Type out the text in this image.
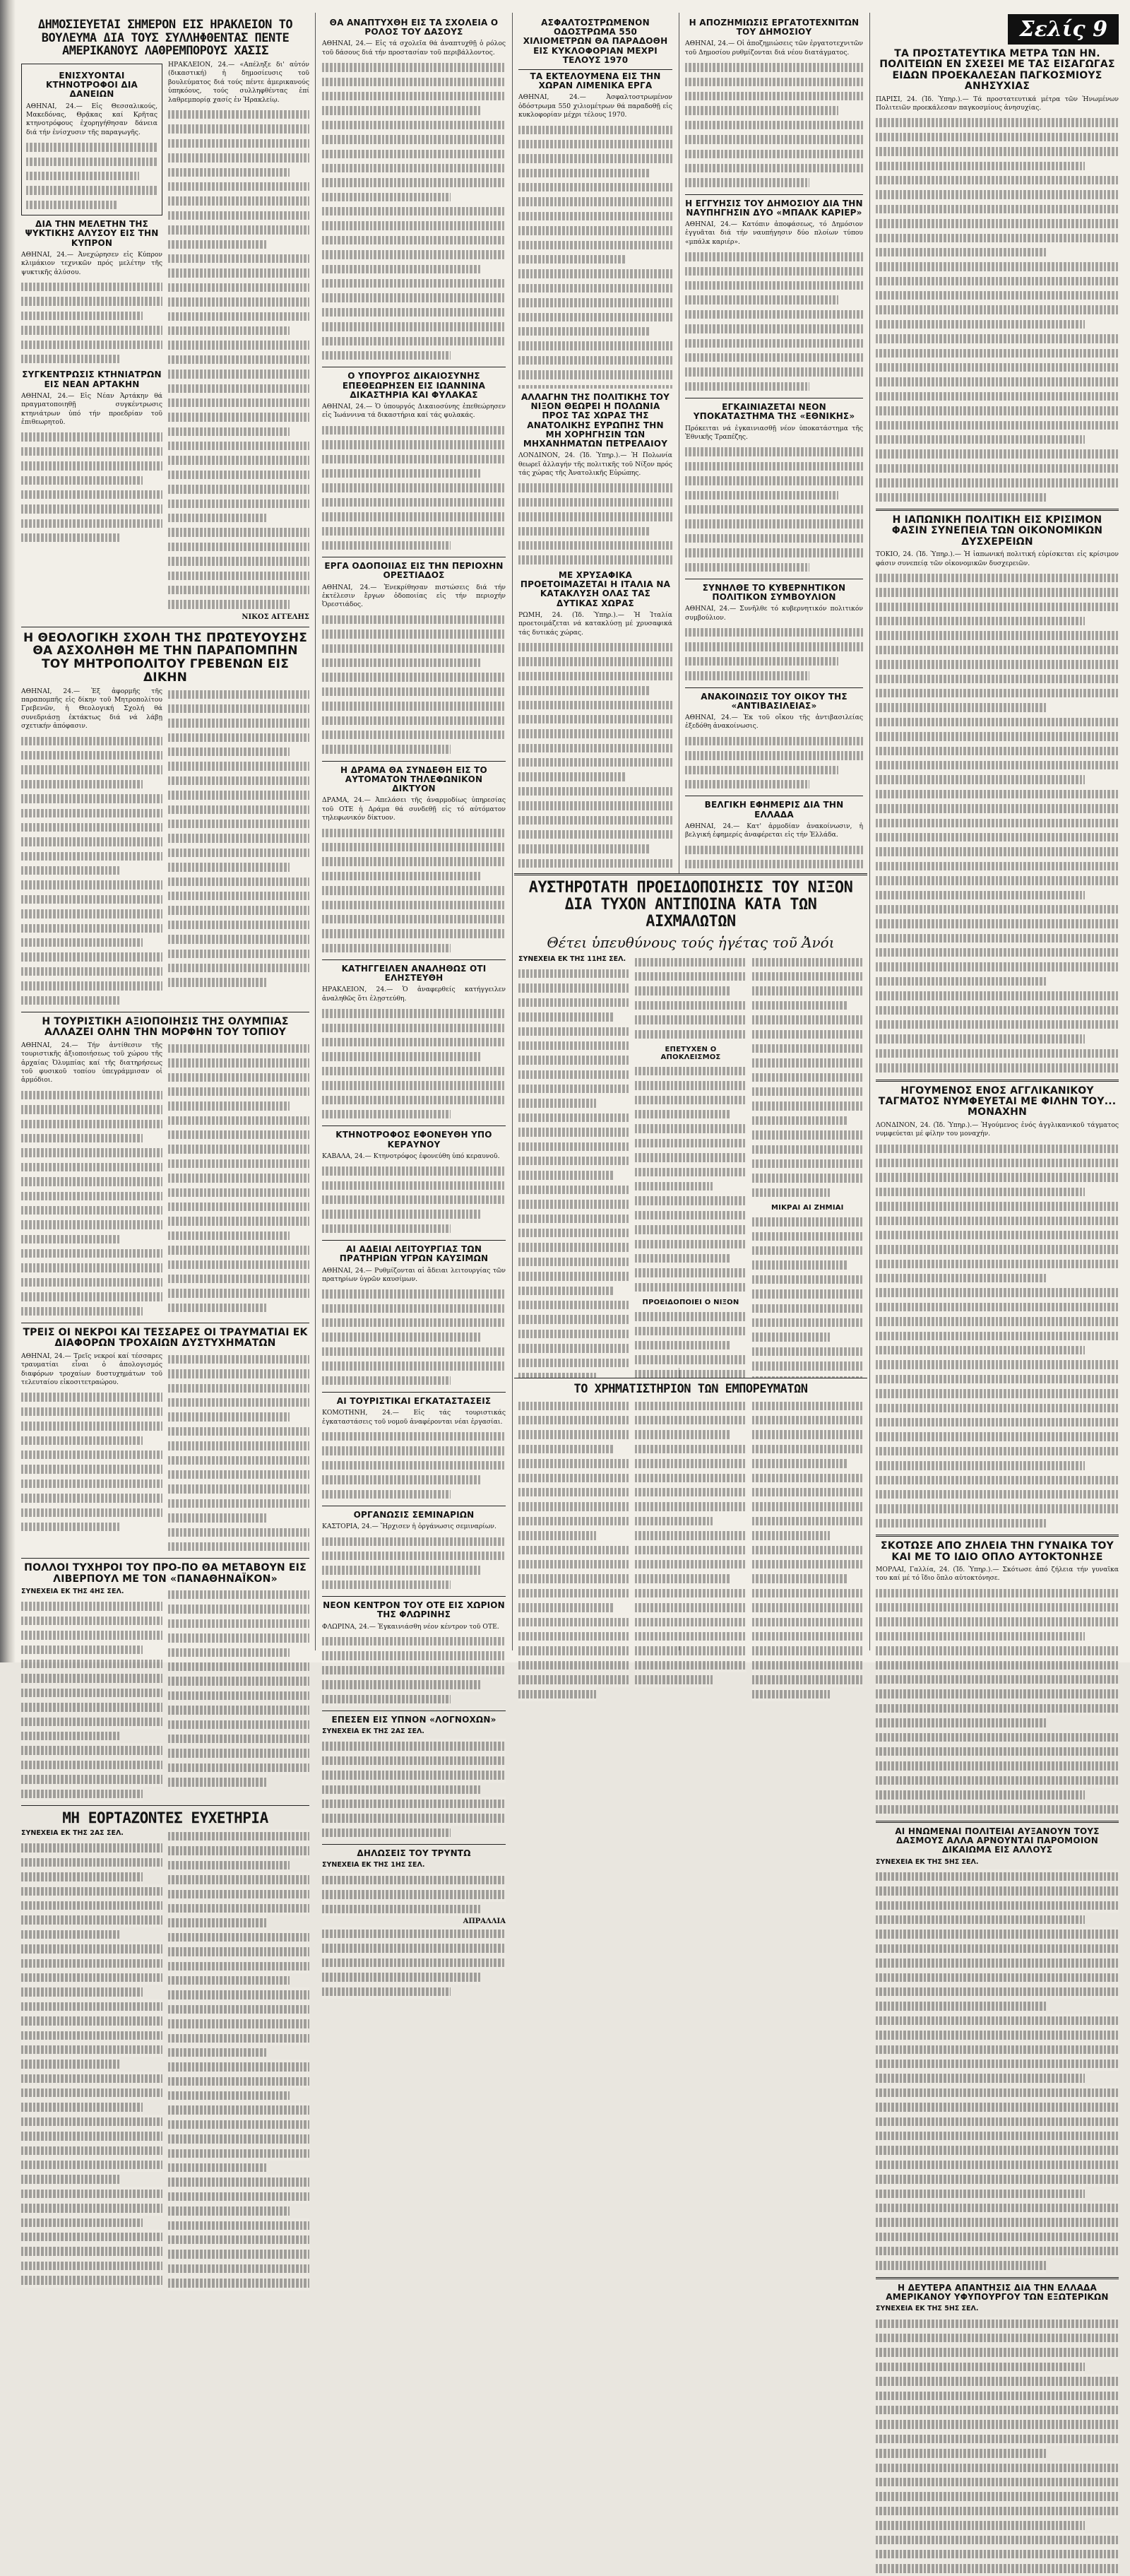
ΔΗΜΟΣΙΕΥΕΤΑΙ ΣΗΜΕΡΟΝ ΕΙΣ ΗΡΑΚΛΕΙΟΝ ΤΟ ΒΟΥΛΕΥΜΑ ΔΙΑ ΤΟΥΣ ΣΥΛΛΗΦΘΕΝΤΑΣ ΠΕΝΤΕ ΑΜΕΡΙΚΑΝΟΥΣ ΛΑΘΡΕΜΠΟΡΟΥΣ ΧΑΣΙΣ
ΕΝΙΣΧΥΟΝΤΑΙ ΚΤΗΝΟΤΡΟΦΟΙ ΔΙΑ ΔΑΝΕΙΩΝ

ΑΘΗΝΑΙ, 24.— Εἰς Θεσσαλικούς, Μακεδόνας, Θρᾷκας καί Κρῆτας κτηνοτρόφους ἐχορηγήθησαν δάνεια διά τήν ἐνίσχυσιν τῆς παραγωγῆς.

ΔΙΑ ΤΗΝ ΜΕΛΕΤΗΝ ΤΗΣ ΨΥΚΤΙΚΗΣ ΑΛΥΣΟΥ ΕΙΣ ΤΗΝ ΚΥΠΡΟΝ

ΑΘΗΝΑΙ, 24.— Ἀνεχώρησεν εἰς Κύπρον κλιμάκιον τεχνικῶν πρός μελέτην τῆς ψυκτικῆς ἀλύσου.

ΣΥΓΚΕΝΤΡΩΣΙΣ ΚΤΗΝΙΑΤΡΩΝ ΕΙΣ ΝΕΑΝ ΑΡΤΑΚΗΝ

ΑΘΗΝΑΙ, 24.— Εἰς Νέαν Ἀρτάκην θά πραγματοποιηθῇ συγκέντρωσις κτηνιάτρων ὑπό τήν προεδρίαν τοῦ ἐπιθεωρητοῦ.

ΗΡΑΚΛΕΙΟΝ, 24.— «Απέληξε δι' αὐτόν (δικαστική) ἡ δημοσίευσις τοῦ βουλεύματος διά τούς πέντε ἀμερικανούς ὑπηκόους, τούς συλληφθέντας ἐπί λαθρεμπορίᾳ χασίς ἐν Ἡρακλείῳ.

ΝΙΚΟΣ ΑΓΓΕΛΗΣ
Η ΘΕΟΛΟΓΙΚΗ ΣΧΟΛΗ ΤΗΣ ΠΡΩΤΕΥΟΥΣΗΣ ΘΑ ΑΣΧΟΛΗΘΗ ΜΕ ΤΗΝ ΠΑΡΑΠΟΜΠΗΝ ΤΟΥ ΜΗΤΡΟΠΟΛΙΤΟΥ ΓΡΕΒΕΝΩΝ ΕΙΣ ΔΙΚΗΝ

ΑΘΗΝΑΙ, 24.— Ἐξ ἀφορμῆς τῆς παραπομπῆς εἰς δίκην τοῦ Μητροπολίτου Γρεβενῶν, ἡ Θεολογική Σχολή θά συνεδριάσῃ ἐκτάκτως διά νά λάβῃ σχετικήν ἀπόφασιν.

Η ΤΟΥΡΙΣΤΙΚΗ ΑΞΙΟΠΟΙΗΣΙΣ ΤΗΣ ΟΛΥΜΠΙΑΣ ΑΛΛΑΖΕΙ ΟΛΗΝ ΤΗΝ ΜΟΡΦΗΝ ΤΟΥ ΤΟΠΙΟΥ

ΑΘΗΝΑΙ, 24.— Τήν ἀντίθεσιν τῆς τουριστικῆς ἀξιοποιήσεως τοῦ χώρου τῆς ἀρχαίας Ὀλυμπίας καί τῆς διατηρήσεως τοῦ φυσικοῦ τοπίου ὑπεγράμμισαν οἱ ἁρμόδιοι.

ΤΡΕΙΣ ΟΙ ΝΕΚΡΟΙ ΚΑΙ ΤΕΣΣΑΡΕΣ ΟΙ ΤΡΑΥΜΑΤΙΑΙ ΕΚ ΔΙΑΦΟΡΩΝ ΤΡΟΧΑΙΩΝ ΔΥΣΤΥΧΗΜΑΤΩΝ

ΑΘΗΝΑΙ, 24.— Τρεῖς νεκροί καί τέσσαρες τραυματίαι εἶναι ὁ ἀπολογισμός διαφόρων τροχαίων δυστυχημάτων τοῦ τελευταίου εἰκοσιτετραώρου.

ΠΟΛΛΟΙ ΤΥΧΗΡΟΙ ΤΟΥ ΠΡΟ-ΠΟ ΘΑ ΜΕΤΑΒΟΥΝ ΕΙΣ ΛΙΒΕΡΠΟΥΛ ΜΕ ΤΟΝ «ΠΑΝΑΘΗΝΑΪΚΟΝ»

ΣΥΝΕΧΕΙΑ ΕΚ ΤΗΣ 4ΗΣ ΣΕΛ.

ΜΗ ΕΟΡΤΑΖΟΝΤΕΣ ΕΥΧΕΤΗΡΙΑ

ΣΥΝΕΧΕΙΑ ΕΚ ΤΗΣ 2ΑΣ ΣΕΛ.

ΘΑ ΑΝΑΠΤΥΧΘΗ ΕΙΣ ΤΑ ΣΧΟΛΕΙΑ Ο ΡΟΛΟΣ ΤΟΥ ΔΑΣΟΥΣ

ΑΘΗΝΑΙ, 24.— Εἰς τά σχολεῖα θά ἀναπτυχθῇ ὁ ρόλος τοῦ δάσους διά τήν προστασίαν τοῦ περιβάλλοντος.

Ο ΥΠΟΥΡΓΟΣ ΔΙΚΑΙΟΣΥΝΗΣ ΕΠΕΘΕΩΡΗΣΕΝ ΕΙΣ ΙΩΑΝΝΙΝΑ ΔΙΚΑΣΤΗΡΙΑ ΚΑΙ ΦΥΛΑΚΑΣ

ΑΘΗΝΑΙ, 24.— Ὁ ὑπουργός Δικαιοσύνης ἐπεθεώρησεν εἰς Ἰωάννινα τά δικαστήρια καί τάς φυλακάς.

ΕΡΓΑ ΟΔΟΠΟΙΙΑΣ ΕΙΣ ΤΗΝ ΠΕΡΙΟΧΗΝ ΟΡΕΣΤΙΑΔΟΣ

ΑΘΗΝΑΙ, 24.— Ἐνεκρίθησαν πιστώσεις διά τήν ἐκτέλεσιν ἔργων ὁδοποιίας εἰς τήν περιοχήν Ὀρεστιάδος.

Η ΔΡΑΜΑ ΘΑ ΣΥΝΔΕΘΗ ΕΙΣ ΤΟ ΑΥΤΟΜΑΤΟΝ ΤΗΛΕΦΩΝΙΚΟΝ ΔΙΚΤΥΟΝ

ΔΡΑΜΑ, 24.— Ἀπελάσει τῆς ἀναρμοδίως ὑπηρεσίας τοῦ ΟΤΕ ἡ Δράμα θά συνδεθῇ εἰς τό αὐτόματον τηλεφωνικόν δίκτυον.

ΚΑΤΗΓΓΕΙΛΕΝ ΑΝΑΛΗΘΩΣ ΟΤΙ ΕΛΗΣΤΕΥΘΗ

ΗΡΑΚΛΕΙΟΝ, 24.— Ὁ ἀναφερθείς κατήγγειλεν ἀναληθῶς ὅτι ἐλῃστεύθη.

ΚΤΗΝΟΤΡΟΦΟΣ ΕΦΟΝΕΥΘΗ ΥΠΟ ΚΕΡΑΥΝΟΥ

ΚΑΒΑΛΑ, 24.— Κτηνοτρόφος ἐφονεύθη ὑπό κεραυνοῦ.

ΑΙ ΑΔΕΙΑΙ ΛΕΙΤΟΥΡΓΙΑΣ ΤΩΝ ΠΡΑΤΗΡΙΩΝ ΥΓΡΩΝ ΚΑΥΣΙΜΩΝ

ΑΘΗΝΑΙ, 24.— Ρυθμίζονται αἱ ἄδειαι λειτουργίας τῶν πρατηρίων ὑγρῶν καυσίμων.

ΑΙ ΤΟΥΡΙΣΤΙΚΑΙ ΕΓΚΑΤΑΣΤΑΣΕΙΣ

ΚΟΜΟΤΗΝΗ, 24.— Εἰς τάς τουριστικάς ἐγκαταστάσεις τοῦ νομοῦ ἀναφέρονται νέαι ἐργασίαι.

ΟΡΓΑΝΩΣΙΣ ΣΕΜΙΝΑΡΙΩΝ

ΚΑΣΤΟΡΙΑ, 24.— Ἤρχισεν ἡ ὀργάνωσις σεμιναρίων.

ΝΕΟΝ ΚΕΝΤΡΟΝ ΤΟΥ ΟΤΕ ΕΙΣ ΧΩΡΙΟΝ ΤΗΣ ΦΛΩΡΙΝΗΣ

ΦΛΩΡΙΝΑ, 24.— Ἐγκαινιάσθη νέον κέντρον τοῦ ΟΤΕ.

ΕΠΕΣΕΝ ΕΙΣ ΥΠΝΟΝ «ΛΟΓΝΟΧΩΝ»

ΣΥΝΕΧΕΙΑ ΕΚ ΤΗΣ 2ΑΣ ΣΕΛ.

ΔΗΛΩΣΕΙΣ ΤΟΥ ΤΡΥΝΤΩ

ΣΥΝΕΧΕΙΑ ΕΚ ΤΗΣ 1ΗΣ ΣΕΛ.

ΑΠΡΑΛΛΙΑ
ΑΣΦΑΛΤΟΣΤΡΩΜΕΝΟΝ ΟΔΟΣΤΡΩΜΑ 550 ΧΙΛΙΟΜΕΤΡΩΝ ΘΑ ΠΑΡΑΔΟΘΗ ΕΙΣ ΚΥΚΛΟΦΟΡΙΑΝ ΜΕΧΡΙ ΤΕΛΟΥΣ 1970
ΤΑ ΕΚΤΕΛΟΥΜΕΝΑ ΕΙΣ ΤΗΝ ΧΩΡΑΝ ΛΙΜΕΝΙΚΑ ΕΡΓΑ

ΑΘΗΝΑΙ, 24.— Ἀσφαλτοστρωμένον ὁδόστρωμα 550 χιλιομέτρων θά παραδοθῇ εἰς κυκλοφορίαν μέχρι τέλους 1970.

Η ΑΠΟΖΗΜΙΩΣΙΣ ΕΡΓΑΤΟΤΕΧΝΙΤΩΝ ΤΟΥ ΔΗΜΟΣΙΟΥ

ΑΘΗΝΑΙ, 24.— Οἱ ἀποζημιώσεις τῶν ἐργατοτεχνιτῶν τοῦ Δημοσίου ρυθμίζονται διά νέου διατάγματος.

Η ΕΓΓΥΗΣΙΣ ΤΟΥ ΔΗΜΟΣΙΟΥ ΔΙΑ ΤΗΝ ΝΑΥΠΗΓΗΣΙΝ ΔΥΟ «ΜΠΑΛΚ ΚΑΡΙΕΡ»

ΑΘΗΝΑΙ, 24.— Κατόπιν ἀποφάσεως, τό Δημόσιον ἐγγυᾶται διά τήν ναυπήγησιν δύο πλοίων τύπου «μπάλκ καριέρ».

ΕΓΚΑΙΝΙΑΖΕΤΑΙ ΝΕΟΝ ΥΠΟΚΑΤΑΣΤΗΜΑ ΤΗΣ «ΕΘΝΙΚΗΣ»

Πρόκειται νά ἐγκαινιασθῇ νέον ὑποκατάστημα τῆς Ἐθνικῆς Τραπέζης.

ΣΥΝΗΛΘΕ ΤΟ ΚΥΒΕΡΝΗΤΙΚΟΝ ΠΟΛΙΤΙΚΟΝ ΣΥΜΒΟΥΛΙΟΝ

ΑΘΗΝΑΙ, 24.— Συνῆλθε τό κυβερνητικόν πολιτικόν συμβούλιον.

ΑΝΑΚΟΙΝΩΣΙΣ ΤΟΥ ΟΙΚΟΥ ΤΗΣ «ΑΝΤΙΒΑΣΙΛΕΙΑΣ»

ΑΘΗΝΑΙ, 24.— Ἐκ τοῦ οἴκου τῆς ἀντιβασιλείας ἐξεδόθη ἀνακοίνωσις.

ΒΕΛΓΙΚΗ ΕΦΗΜΕΡΙΣ ΔΙΑ ΤΗΝ ΕΛΛΑΔΑ

ΑΘΗΝΑΙ, 24.— Κατ' ἀρμοδίαν ἀνακοίνωσιν, ἡ βελγική ἐφημερίς ἀναφέρεται εἰς τήν Ἑλλάδα.

ΑΛΛΑΓΗΝ ΤΗΣ ΠΟΛΙΤΙΚΗΣ ΤΟΥ ΝΙΞΟΝ ΘΕΩΡΕΙ Η ΠΟΛΩΝΙΑ ΠΡΟΣ ΤΑΣ ΧΩΡΑΣ ΤΗΣ ΑΝΑΤΟΛΙΚΗΣ ΕΥΡΩΠΗΣ ΤΗΝ ΜΗ ΧΟΡΗΓΗΣΙΝ ΤΩΝ ΜΗΧΑΝΗΜΑΤΩΝ ΠΕΤΡΕΛΑΙΟΥ

ΛΟΝΔΙΝΟΝ, 24. (Ἰδ. Ὑπηρ.).— Ἡ Πολωνία θεωρεῖ ἀλλαγήν τῆς πολιτικῆς τοῦ Νίξον πρός τάς χώρας τῆς Ἀνατολικῆς Εὐρώπης.

ΜΕ ΧΡΥΣΑΦΙΚΑ ΠΡΟΕΤΟΙΜΑΖΕΤΑΙ Η ΙΤΑΛΙΑ ΝΑ ΚΑΤΑΚΛΥΣΗ ΟΛΑΣ ΤΑΣ ΔΥΤΙΚΑΣ ΧΩΡΑΣ

ΡΩΜΗ, 24. (Ἰδ. Ὑπηρ.).— Ἡ Ἰταλία προετοιμάζεται νά κατακλύσῃ μέ χρυσαφικά τάς δυτικάς χώρας.

ΑΥΣΤΗΡΟΤΑΤΗ ΠΡΟΕΙΔΟΠΟΙΗΣΙΣ ΤΟΥ ΝΙΞΟΝ ΔΙΑ ΤΥΧΟΝ ΑΝΤΙΠΟΙΝΑ ΚΑΤΑ ΤΩΝ ΑΙΧΜΑΛΩΤΩΝ
Θέτει ὑπευθύνους τούς ἡγέτας τοῦ Ἀνόι

ΣΥΝΕΧΕΙΑ ΕΚ ΤΗΣ 11ΗΣ ΣΕΛ.

ΕΠΕΤΥΧΕΝ Ο ΑΠΟΚΛΕΙΣΜΟΣ
ΠΡΟΕΙΔΟΠΟΙΕΙ Ο ΝΙΞΟΝ
ΜΙΚΡΑΙ ΑΙ ΖΗΜΙΑΙ
ΤΟ ΧΡΗΜΑΤΙΣΤΗΡΙΟΝ ΤΩΝ ΕΜΠΟΡΕΥΜΑΤΩΝ
Σελίς 9
ΤΑ ΠΡΟΣΤΑΤΕΥΤΙΚΑ ΜΕΤΡΑ ΤΩΝ ΗΝ. ΠΟΛΙΤΕΙΩΝ ΕΝ ΣΧΕΣΕΙ ΜΕ ΤΑΣ ΕΙΣΑΓΩΓΑΣ ΕΙΔΩΝ ΠΡΟΕΚΑΛΕΣΑΝ ΠΑΓΚΟΣΜΙΟΥΣ ΑΝΗΣΥΧΙΑΣ

ΠΑΡΙΣΙ, 24. (Ἰδ. Ὑπηρ.).— Τά προστατευτικά μέτρα τῶν Ἡνωμένων Πολιτειῶν προεκάλεσαν παγκοσμίους ἀνησυχίας.

Η ΙΑΠΩΝΙΚΗ ΠΟΛΙΤΙΚΗ ΕΙΣ ΚΡΙΣΙΜΟΝ ΦΑΣΙΝ ΣΥΝΕΠΕΙΑ ΤΩΝ ΟΙΚΟΝΟΜΙΚΩΝ ΔΥΣΧΕΡΕΙΩΝ

ΤΟΚΙΟ, 24. (Ἰδ. Ὑπηρ.).— Ἡ ἰαπωνική πολιτική εὑρίσκεται εἰς κρίσιμον φάσιν συνεπείᾳ τῶν οἰκονομικῶν δυσχερειῶν.

ΗΓΟΥΜΕΝΟΣ ΕΝΟΣ ΑΓΓΛΙΚΑΝΙΚΟΥ ΤΑΓΜΑΤΟΣ ΝΥΜΦΕΥΕΤΑΙ ΜΕ ΦΙΛΗΝ ΤΟΥ... ΜΟΝΑΧΗΝ

ΛΟΝΔΙΝΟΝ, 24. (Ἰδ. Ὑπηρ.).— Ἡγούμενος ἑνός ἀγγλικανικοῦ τάγματος νυμφεύεται μέ φίλην του μοναχήν.

ΣΚΟΤΩΣΕ ΑΠΟ ΖΗΛΕΙΑ ΤΗΝ ΓΥΝΑΙΚΑ ΤΟΥ ΚΑΙ ΜΕ ΤΟ ΙΔΙΟ ΟΠΛΟ ΑΥΤΟΚΤΟΝΗΣΕ

ΜΟΡΛΑΙ, Γαλλία, 24. (Ἰδ. Ὑπηρ.).— Σκότωσε ἀπό ζήλεια τήν γυναῖκα του καί μέ τό ἴδιο ὅπλο αὐτοκτόνησε.

ΑΙ ΗΝΩΜΕΝΑΙ ΠΟΛΙΤΕΙΑΙ ΑΥΞΑΝΟΥΝ ΤΟΥΣ ΔΑΣΜΟΥΣ ΑΛΛΑ ΑΡΝΟΥΝΤΑΙ ΠΑΡΟΜΟΙΟΝ ΔΙΚΑΙΩΜΑ ΕΙΣ ΑΛΛΟΥΣ

ΣΥΝΕΧΕΙΑ ΕΚ ΤΗΣ 5ΗΣ ΣΕΛ.

Η ΔΕΥΤΕΡΑ ΑΠΑΝΤΗΣΙΣ ΔΙΑ ΤΗΝ ΕΛΛΑΔΑ ΑΜΕΡΙΚΑΝΟΥ ΥΦΥΠΟΥΡΓΟΥ ΤΩΝ ΕΞΩΤΕΡΙΚΩΝ

ΣΥΝΕΧΕΙΑ ΕΚ ΤΗΣ 5ΗΣ ΣΕΛ.
